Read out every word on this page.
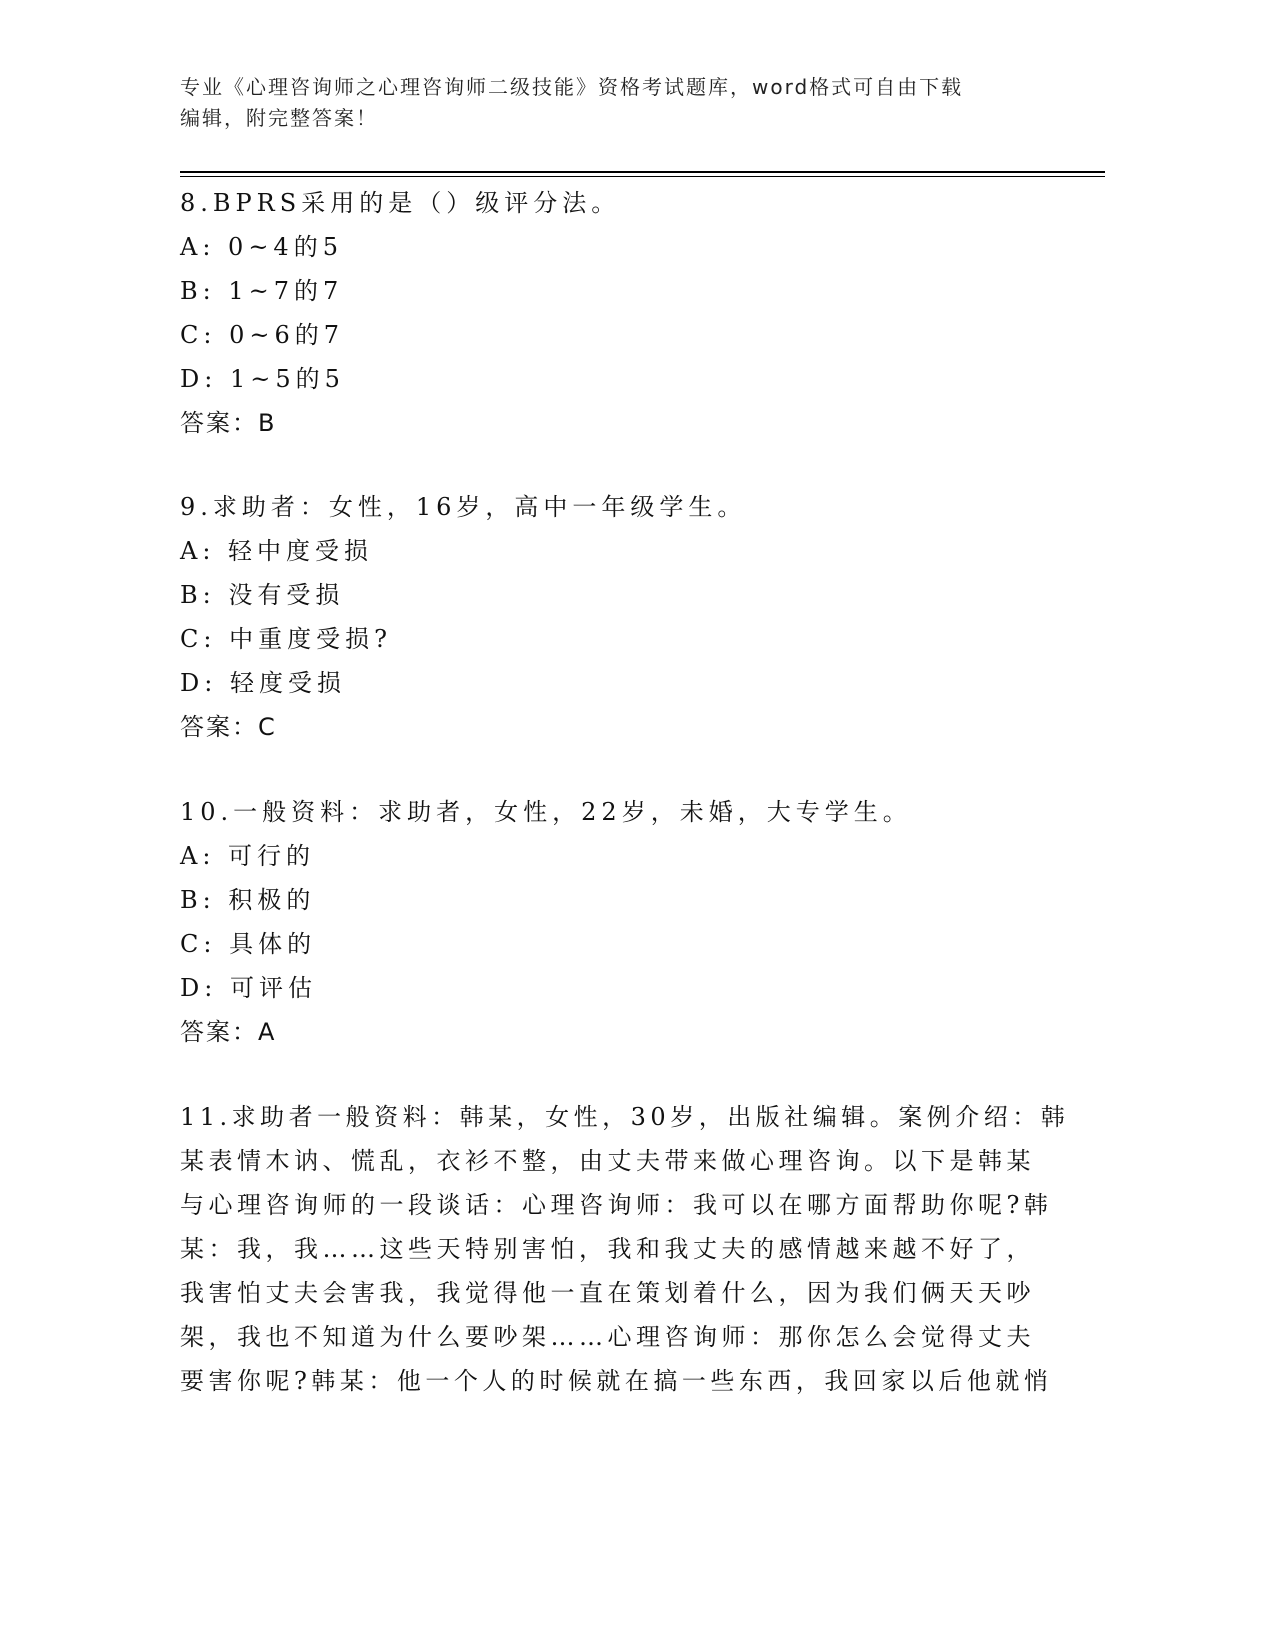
专业《心理咨询师之心理咨询师二级技能》资格考试题库，word格式可自由下载
编辑，附完整答案！
8.BPRS采用的是（）级评分法。
A: 0~4的5
B: 1~7的7
C: 0~6的7
D: 1~5的5
答案：B
9.求助者：女性，16岁，高中一年级学生。
A: 轻中度受损
B: 没有受损
C: 中重度受损?
D: 轻度受损
答案：C
10.一般资料：求助者，女性，22岁，未婚，大专学生。
A: 可行的
B: 积极的
C: 具体的
D: 可评估
答案：A
11.求助者一般资料：韩某，女性，30岁，出版社编辑。案例介绍：韩
某表情木讷、慌乱，衣衫不整，由丈夫带来做心理咨询。以下是韩某
与心理咨询师的一段谈话：心理咨询师：我可以在哪方面帮助你呢?韩
某：我，我……这些天特别害怕，我和我丈夫的感情越来越不好了，
我害怕丈夫会害我，我觉得他一直在策划着什么，因为我们俩天天吵
架，我也不知道为什么要吵架……心理咨询师：那你怎么会觉得丈夫
要害你呢?韩某：他一个人的时候就在搞一些东西，我回家以后他就悄
